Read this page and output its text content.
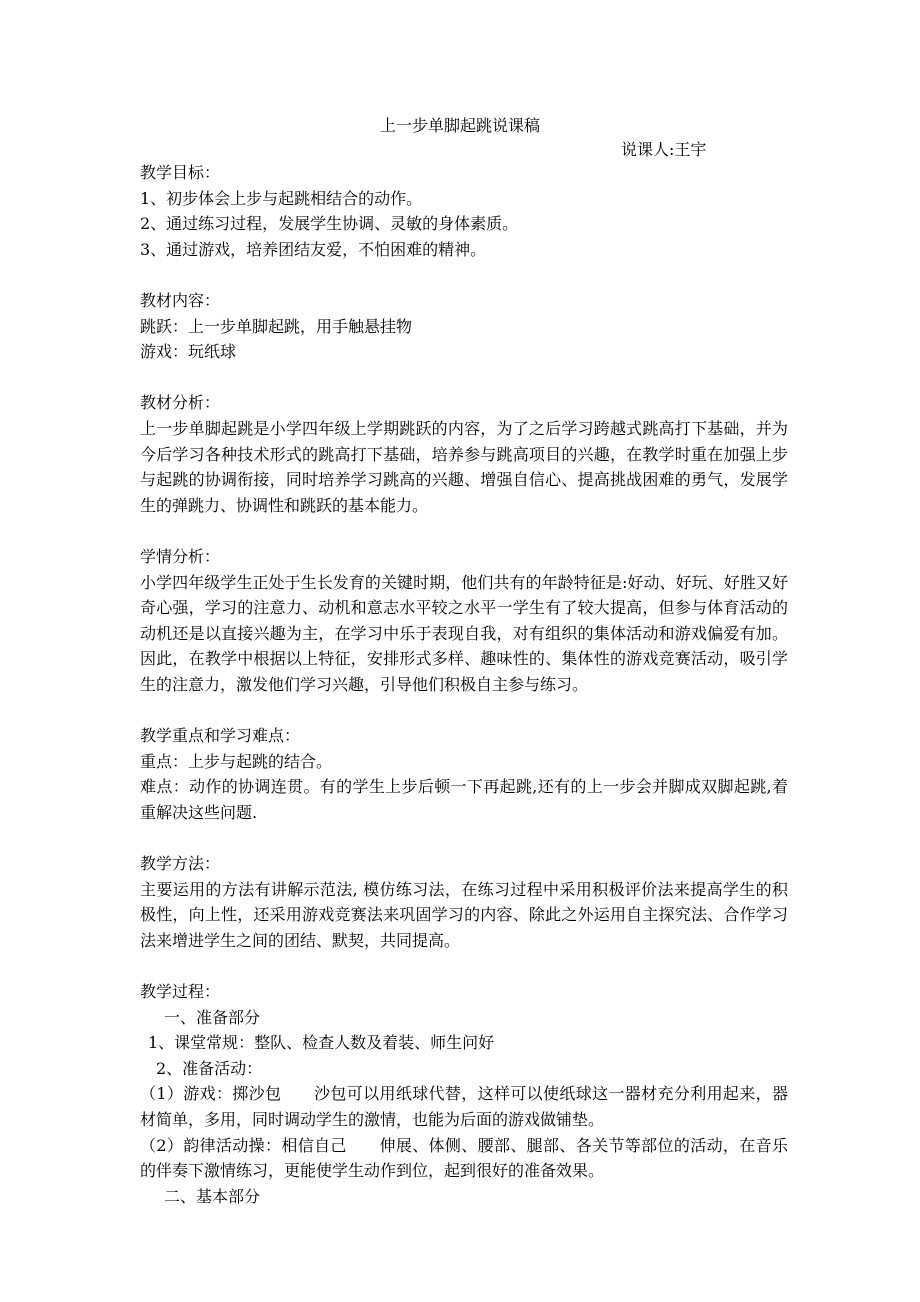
上一步单脚起跳说课稿
说课人:王宇
教学目标：
1、初步体会上步与起跳相结合的动作。
2、通过练习过程，发展学生协调、灵敏的身体素质。
3、通过游戏，培养团结友爱，不怕困难的精神。
教材内容：
跳跃：上一步单脚起跳，用手触悬挂物
游戏：玩纸球
教材分析：
上一步单脚起跳是小学四年级上学期跳跃的内容，为了之后学习跨越式跳高打下基础，并为今后学习各种技术形式的跳高打下基础，培养参与跳高项目的兴趣，在教学时重在加强上步与起跳的协调衔接，同时培养学习跳高的兴趣、增强自信心、提高挑战困难的勇气，发展学生的弹跳力、协调性和跳跃的基本能力。
学情分析：
小学四年级学生正处于生长发育的关键时期，他们共有的年龄特征是:好动、好玩、好胜又好奇心强，学习的注意力、动机和意志水平较之水平一学生有了较大提高，但参与体育活动的动机还是以直接兴趣为主，在学习中乐于表现自我，对有组织的集体活动和游戏偏爱有加。因此，在教学中根据以上特征，安排形式多样、趣味性的、集体性的游戏竞赛活动，吸引学生的注意力，激发他们学习兴趣，引导他们积极自主参与练习。
教学重点和学习难点：
重点：上步与起跳的结合。
难点：动作的协调连贯。有的学生上步后顿一下再起跳,还有的上一步会并脚成双脚起跳,着重解决这些问题.
教学方法：
主要运用的方法有讲解示范法, 模仿练习法，在练习过程中采用积极评价法来提高学生的积极性，向上性，还采用游戏竞赛法来巩固学习的内容、除此之外运用自主探究法、合作学习法来增进学生之间的团结、默契，共同提高。
教学过程：
一、准备部分
1、课堂常规：整队、检查人数及着装、师生问好
2、准备活动：
（1）游戏：掷沙包　　沙包可以用纸球代替，这样可以使纸球这一器材充分利用起来，器材简单，多用，同时调动学生的激情，也能为后面的游戏做铺垫。
（2）韵律活动操：相信自己　　伸展、体侧、腰部、腿部、各关节等部位的活动，在音乐的伴奏下激情练习，更能使学生动作到位，起到很好的准备效果。
二、基本部分
